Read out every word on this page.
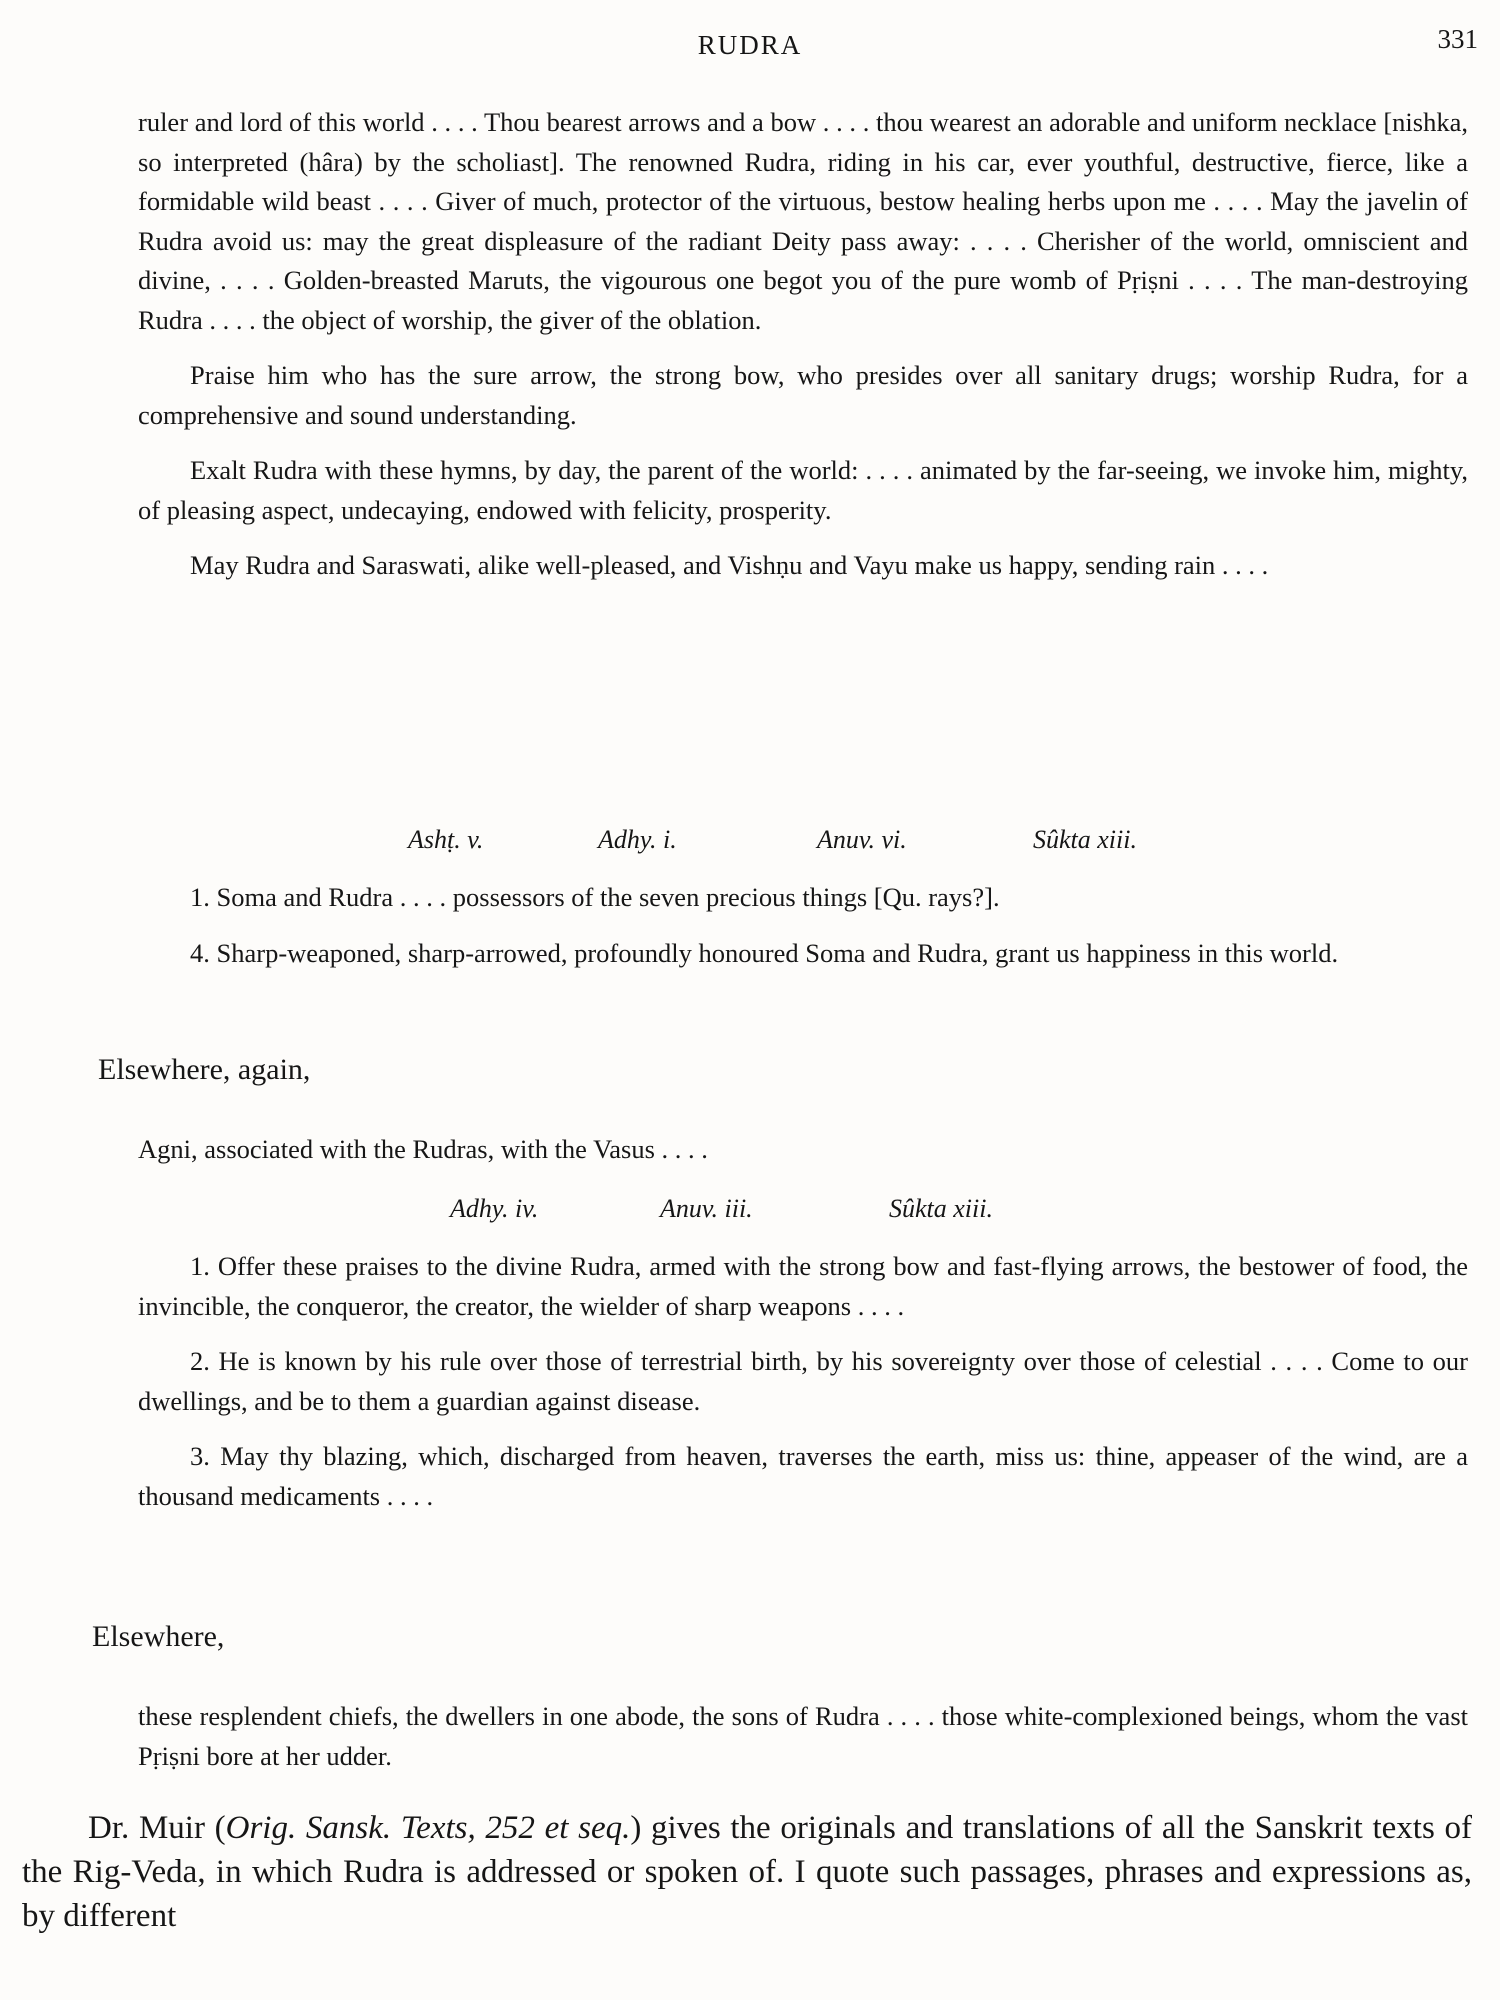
RUDRA	331

ruler and lord of this world . . . . Thou bearest arrows and a bow . . . . thou wearest an adorable and uniform necklace [nishka, so interpreted (hâra) by the scholiast]. The renowned Rudra, riding in his car, ever youthful, destructive, fierce, like a formidable wild beast . . . . Giver of much, protector of the virtuous, bestow healing herbs upon me . . . . May the javelin of Rudra avoid us: may the great displeasure of the radiant Deity pass away: . . . . Cherisher of the world, omniscient and divine, . . . . Golden-breasted Maruts, the vigourous one begot you of the pure womb of Pṛiṣni . . . . The man-destroying Rudra . . . . the object of worship, the giver of the oblation.

Praise him who has the sure arrow, the strong bow, who presides over all sanitary drugs; worship Rudra, for a comprehensive and sound understanding.

Exalt Rudra with these hymns, by day, the parent of the world: . . . . animated by the far-seeing, we invoke him, mighty, of pleasing aspect, undecaying, endowed with felicity, prosperity.

May Rudra and Saraswati, alike well-pleased, and Vishṇu and Vayu make us happy, sending rain . . . .

Ashṭ. v.	Adhy. i.	Anuv. vi.	Sûkta xiii.

1. Soma and Rudra . . . . possessors of the seven precious things [Qu. rays?].

4. Sharp-weaponed, sharp-arrowed, profoundly honoured Soma and Rudra, grant us happiness in this world.

Elsewhere, again,

Agni, associated with the Rudras, with the Vasus . . . .

Adhy. iv.	Anuv. iii.	Sûkta xiii.

1. Offer these praises to the divine Rudra, armed with the strong bow and fast-flying arrows, the bestower of food, the invincible, the conqueror, the creator, the wielder of sharp weapons . . . .

2. He is known by his rule over those of terrestrial birth, by his sovereignty over those of celestial . . . . Come to our dwellings, and be to them a guardian against disease.

3. May thy blazing, which, discharged from heaven, traverses the earth, miss us: thine, appeaser of the wind, are a thousand medicaments . . . .

Elsewhere,

these resplendent chiefs, the dwellers in one abode, the sons of Rudra . . . . those white-complexioned beings, whom the vast Pṛiṣni bore at her udder.

Dr. Muir (Orig. Sansk. Texts, 252 et seq.) gives the originals and translations of all the Sanskrit texts of the Rig-Veda, in which Rudra is addressed or spoken of. I quote such passages, phrases and expressions as, by different
